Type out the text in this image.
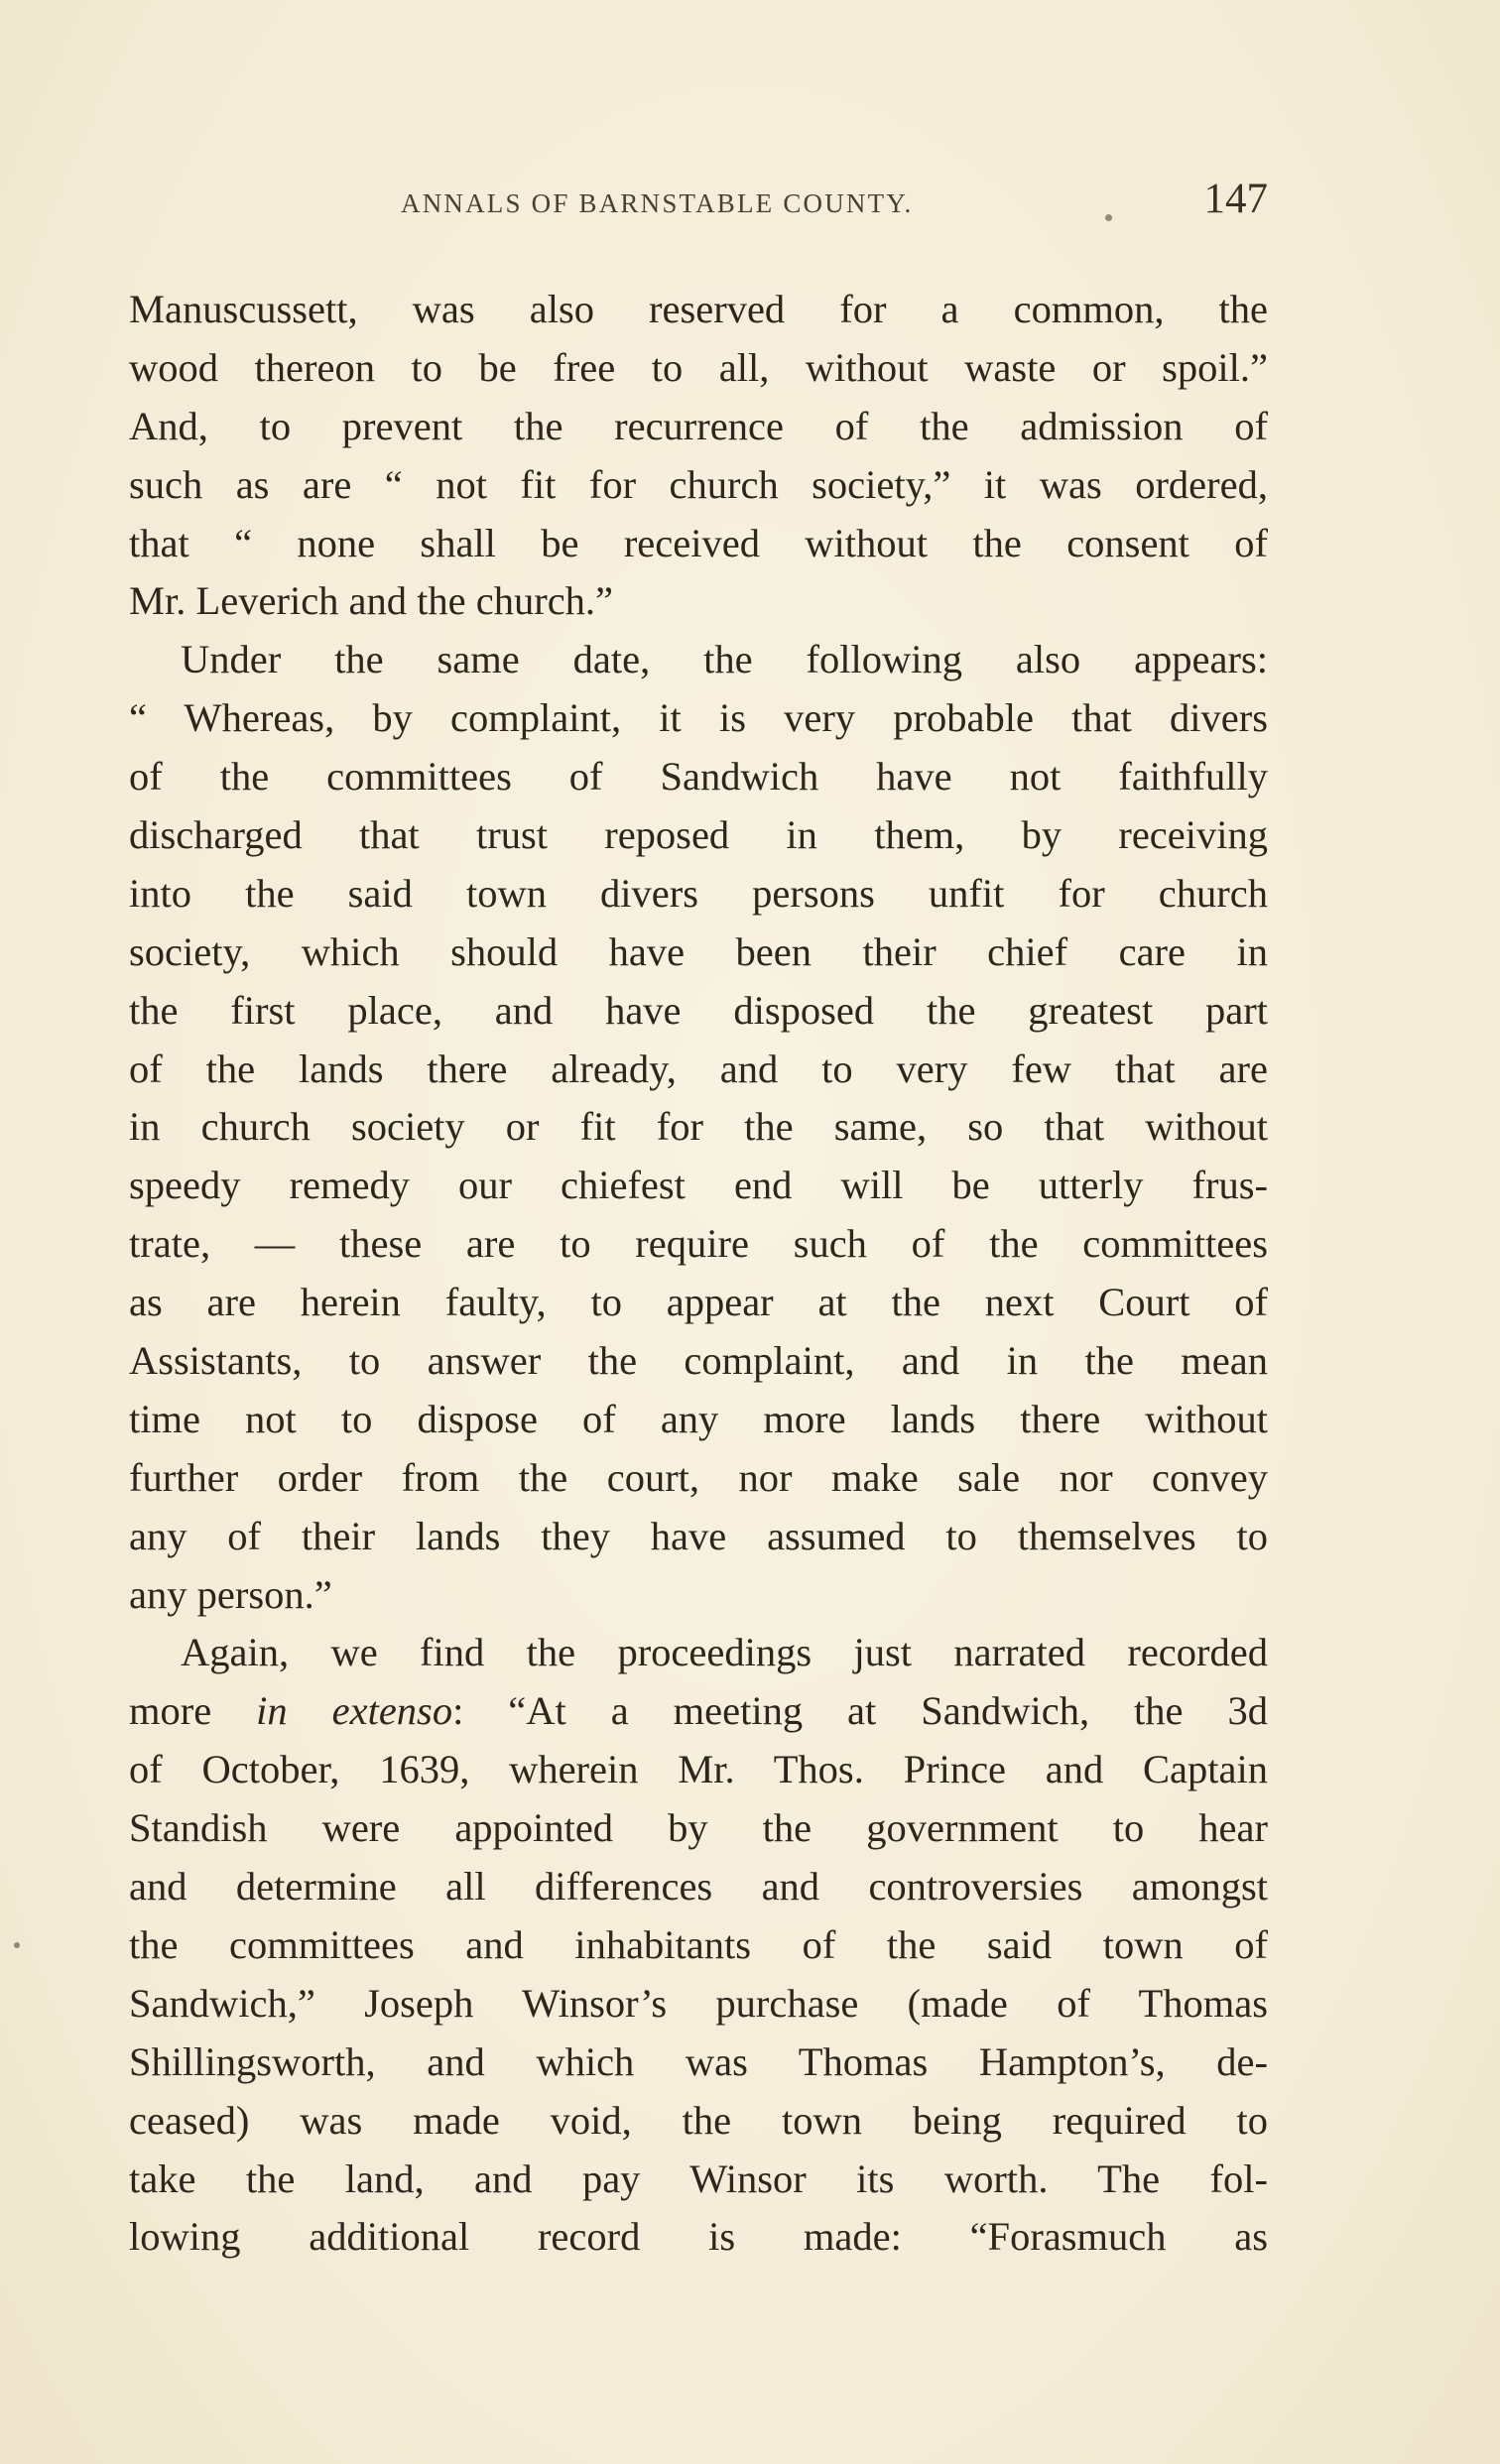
ANNALS OF BARNSTABLE COUNTY.	147
Manuscussett, was also reserved for a common, the
wood thereon to be free to all, without waste or spoil.”
And, to prevent the recurrence of the admission of
such as are “ not fit for church society,” it was ordered,
that “ none shall be received without the consent of
Mr. Leverich and the church.”
Under the same date, the following also appears:
“ Whereas, by complaint, it is very probable that divers
of the committees of Sandwich have not faithfully
discharged that trust reposed in them, by receiving
into the said town divers persons unfit for church
society, which should have been their chief care in
the first place, and have disposed the greatest part
of the lands there already, and to very few that are
in church society or fit for the same, so that without
speedy remedy our chiefest end will be utterly frus-
trate, — these are to require such of the committees
as are herein faulty, to appear at the next Court of
Assistants, to answer the complaint, and in the mean
time not to dispose of any more lands there without
further order from the court, nor make sale nor convey
any of their lands they have assumed to themselves to
any person.”
Again, we find the proceedings just narrated recorded
more in extenso: “At a meeting at Sandwich, the 3d
of October, 1639, wherein Mr. Thos. Prince and Captain
Standish were appointed by the government to hear
and determine all differences and controversies amongst
the committees and inhabitants of the said town of
Sandwich,” Joseph Winsor’s purchase (made of Thomas
Shillingsworth, and which was Thomas Hampton’s, de-
ceased) was made void, the town being required to
take the land, and pay Winsor its worth. The fol-
lowing additional record is made: “Forasmuch as
